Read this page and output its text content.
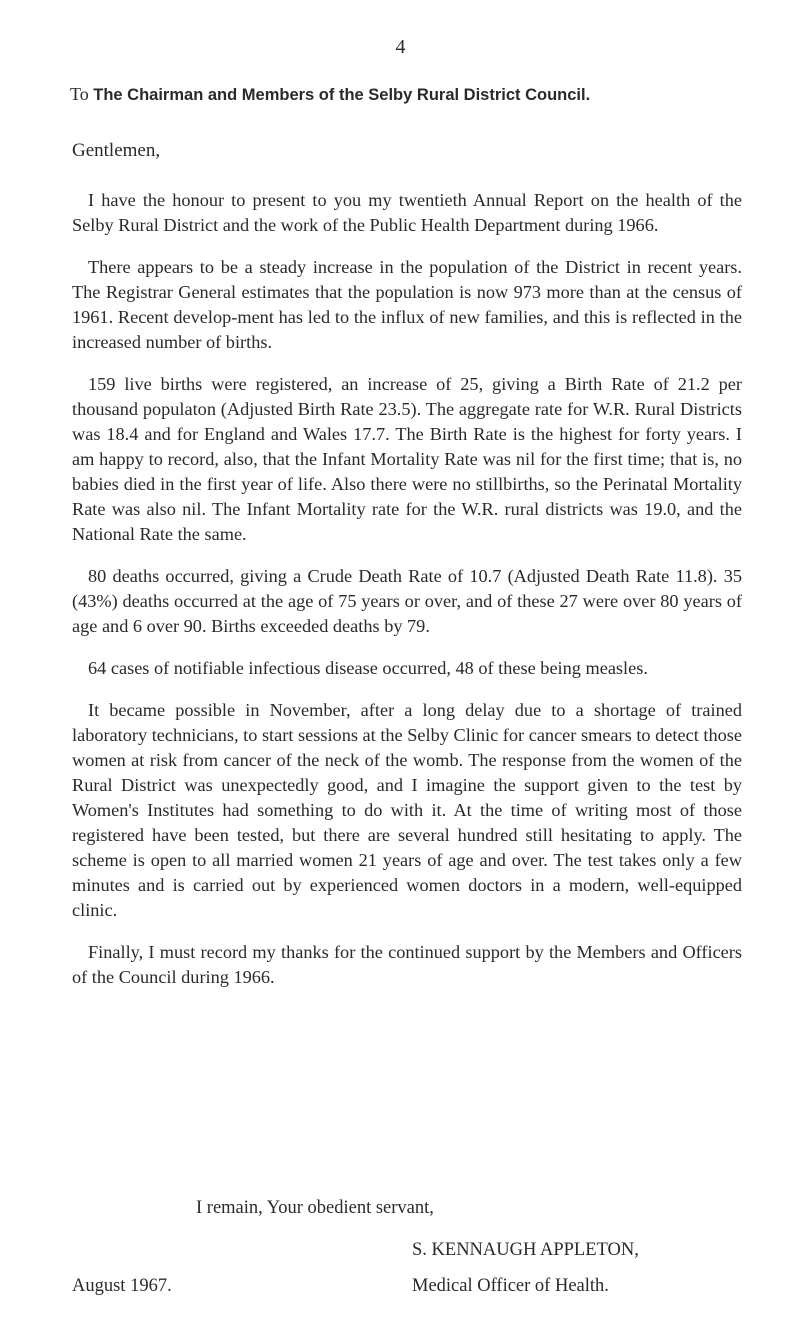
4
To The Chairman and Members of the Selby Rural District Council.
Gentlemen,

I have the honour to present to you my twentieth Annual Report on the health of the Selby Rural District and the work of the Public Health Department during 1966.

There appears to be a steady increase in the population of the District in recent years. The Registrar General estimates that the population is now 973 more than at the census of 1961. Recent develop-ment has led to the influx of new families, and this is reflected in the increased number of births.

159 live births were registered, an increase of 25, giving a Birth Rate of 21.2 per thousand populaton (Adjusted Birth Rate 23.5). The aggregate rate for W.R. Rural Districts was 18.4 and for England and Wales 17.7. The Birth Rate is the highest for forty years. I am happy to record, also, that the Infant Mortality Rate was nil for the first time; that is, no babies died in the first year of life. Also there were no stillbirths, so the Perinatal Mortality Rate was also nil. The Infant Mortality rate for the W.R. rural districts was 19.0, and the National Rate the same.

80 deaths occurred, giving a Crude Death Rate of 10.7 (Adjusted Death Rate 11.8). 35 (43%) deaths occurred at the age of 75 years or over, and of these 27 were over 80 years of age and 6 over 90. Births exceeded deaths by 79.

64 cases of notifiable infectious disease occurred, 48 of these being measles.

It became possible in November, after a long delay due to a shortage of trained laboratory technicians, to start sessions at the Selby Clinic for cancer smears to detect those women at risk from cancer of the neck of the womb. The response from the women of the Rural District was unexpectedly good, and I imagine the support given to the test by Women's Institutes had something to do with it. At the time of writing most of those registered have been tested, but there are several hundred still hesitating to apply. The scheme is open to all married women 21 years of age and over. The test takes only a few minutes and is carried out by experienced women doctors in a modern, well-equipped clinic.

Finally, I must record my thanks for the continued support by the Members and Officers of the Council during 1966.

I remain, Your obedient servant,
S. KENNAUGH APPLETON,
August 1967.	Medical Officer of Health.
